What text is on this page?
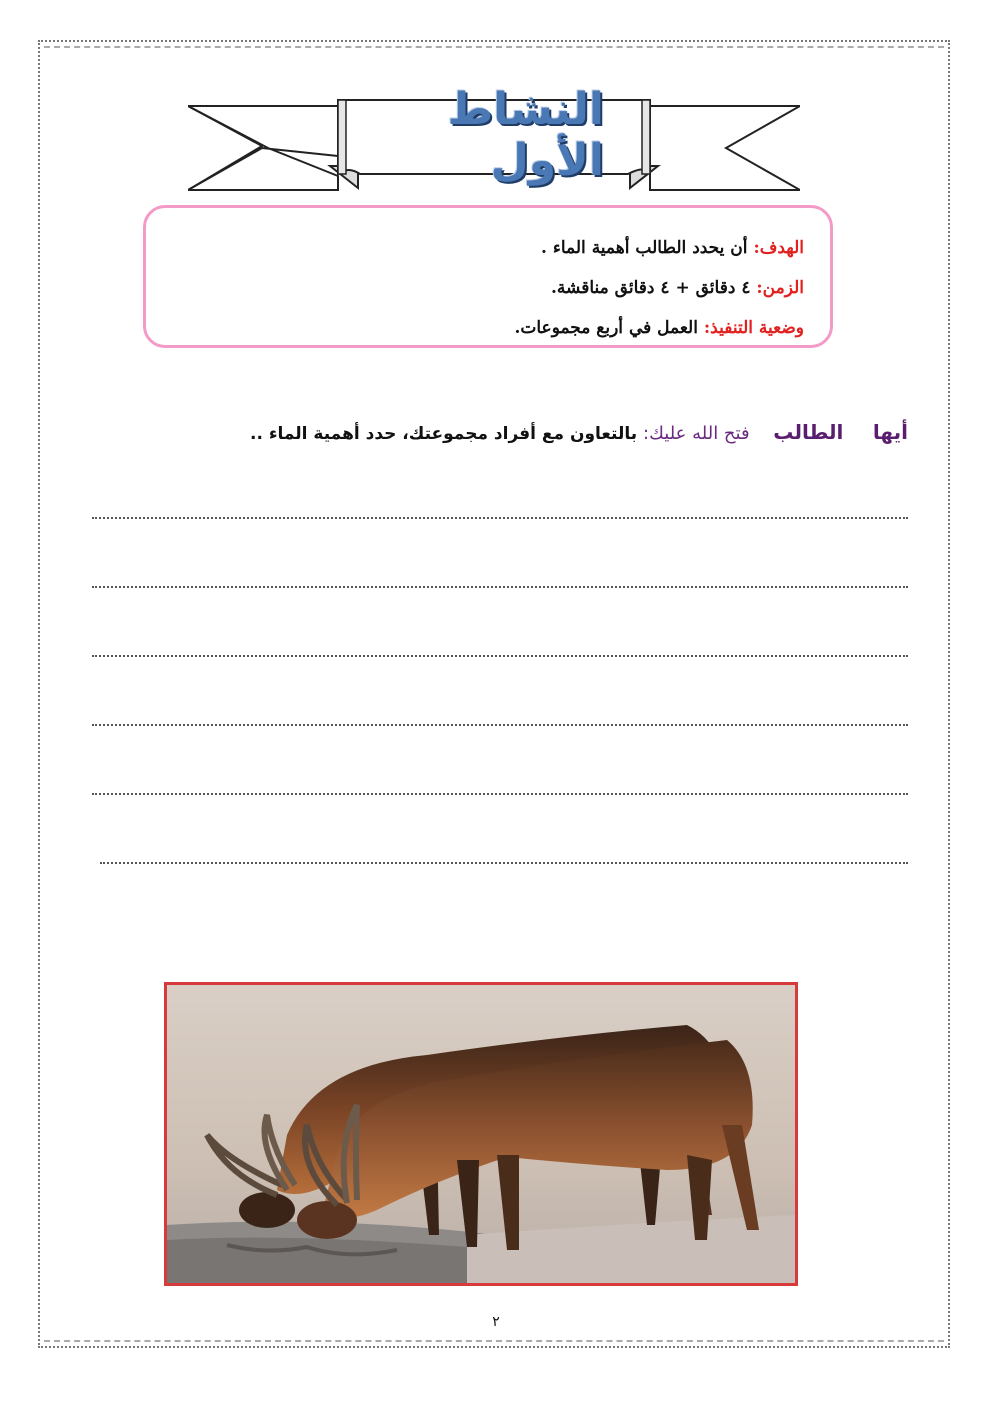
النشاط الأول
الهدف: أن يحدد الطالب أهمية الماء .
الزمن: ٤ دقائق + ٤ دقائق مناقشة.
وضعية التنفيذ: العمل في أربع مجموعات.
أيها     الطالب    فتح الله عليك: بالتعاون مع أفراد مجموعتك، حدد أهمية الماء ..
٢
